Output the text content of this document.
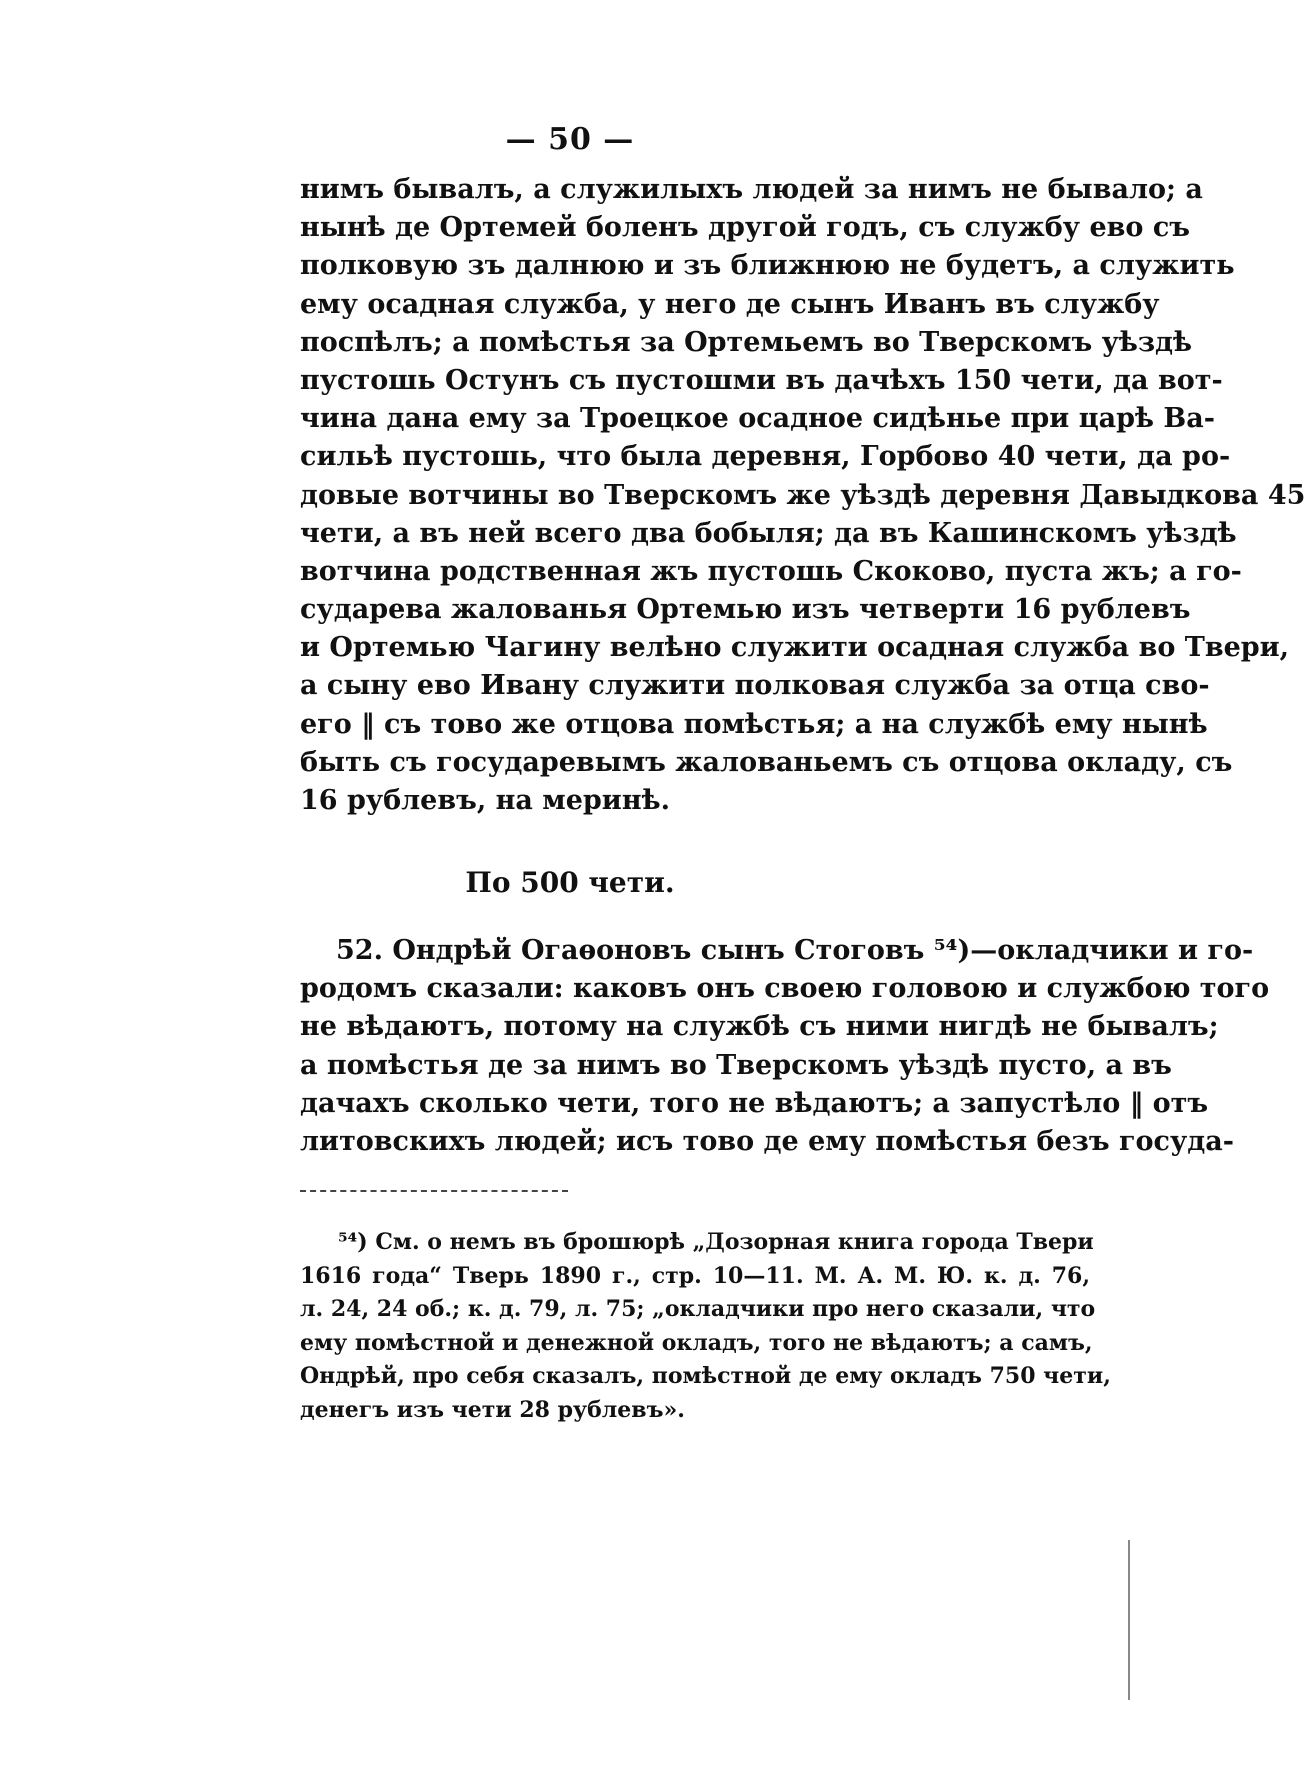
— 50 —
нимъ бывалъ, а служилыхъ людей за нимъ не бывало; а
нынѣ де Ортемей боленъ другой годъ, съ службу ево съ
полковую зъ далнюю и зъ ближнюю не будетъ, а служить
ему осадная служба, у него де сынъ Иванъ въ службу
поспѣлъ; а помѣстья за Ортемьемъ во Тверскомъ уѣздѣ
пустошь Остунъ съ пустошми въ дачѣхъ 150 чети, да вот-
чина дана ему за Троецкое осадное сидѣнье при царѣ Ва-
сильѣ пустошь, что была деревня, Горбово 40 чети, да ро-
довые вотчины во Тверскомъ же уѣздѣ деревня Давыдкова 45
чети, а въ ней всего два бобыля; да въ Кашинскомъ уѣздѣ
вотчина родственная жъ пустошь Скоково, пуста жъ; а го-
сударева жалованья Ортемью изъ четверти 16 рублевъ
и Ортемью Чагину велѣно служити осадная служба во Твери,
а сыну ево Ивану служити полковая служба за отца сво-
его ‖ съ тово же отцова помѣстья; а на службѣ ему нынѣ
быть съ государевымъ жалованьемъ съ отцова окладу, съ
16 рублевъ, на меринѣ.
По 500 чети.
52. Ондрѣй Огаѳоновъ сынъ Стоговъ ⁵⁴)—окладчики и го-
родомъ сказали: каковъ онъ своею головою и службою того
не вѣдаютъ, потому на службѣ съ ними нигдѣ не бывалъ;
а помѣстья де за нимъ во Тверскомъ уѣздѣ пусто, а въ
дачахъ сколько чети, того не вѣдаютъ; а запустѣло ‖ отъ
литовскихъ людей; исъ тово де ему помѣстья безъ госуда-
⁵⁴) См. о немъ въ брошюрѣ „Дозорная книга города Твери
1616 года“ Тверь 1890 г., стр. 10—11. М. А. М. Ю. к. д. 76,
л. 24, 24 об.; к. д. 79, л. 75; „окладчики про него сказали, что
ему помѣстной и денежной окладъ, того не вѣдаютъ; а самъ,
Ондрѣй, про себя сказалъ, помѣстной де ему окладъ 750 чети,
денегъ изъ чети 28 рублевъ».
